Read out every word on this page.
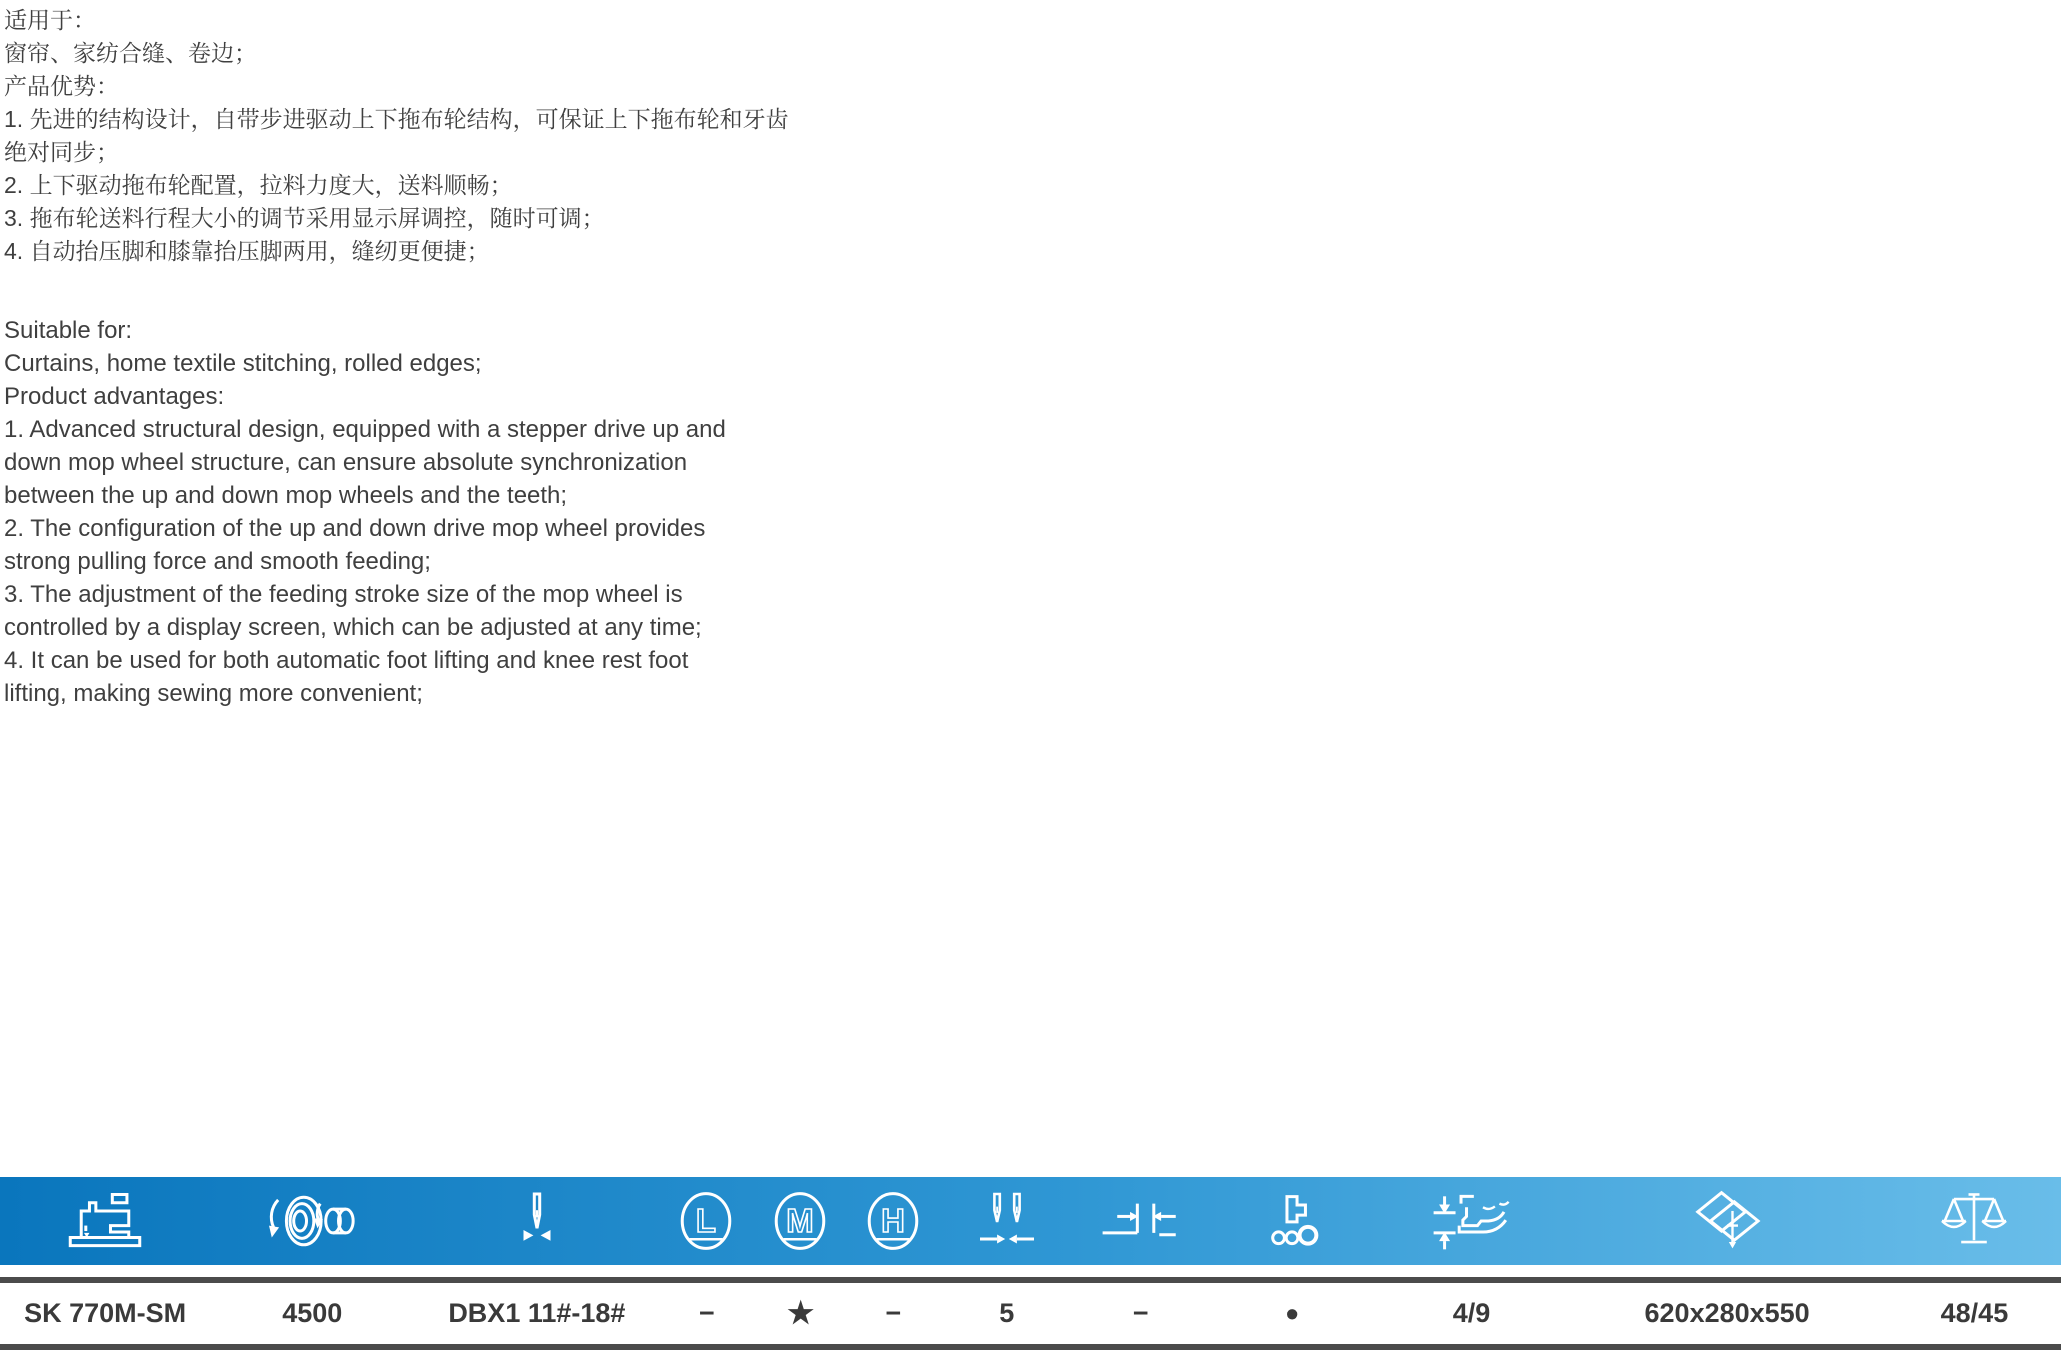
适用于：
窗帘、家纺合缝、卷边；
产品优势：
1. 先进的结构设计，自带步进驱动上下拖布轮结构，可保证上下拖布轮和牙齿
绝对同步；
2. 上下驱动拖布轮配置，拉料力度大，送料顺畅；
3. 拖布轮送料行程大小的调节采用显示屏调控，随时可调；
4. 自动抬压脚和膝靠抬压脚两用，缝纫更便捷；
Suitable for:
Curtains, home textile stitching, rolled edges;
Product advantages:
1. Advanced structural design, equipped with a stepper drive up and
down mop wheel structure, can ensure absolute synchronization
between the up and down mop wheels and the teeth;
2. The configuration of the up and down drive mop wheel provides
strong pulling force and smooth feeding;
3. The adjustment of the feeding stroke size of the mop wheel is
controlled by a display screen, which can be adjusted at any time;
4. It can be used for both automatic foot lifting and knee rest foot
lifting, making sewing more convenient;
L M H
SK 770M-SM	4500	DBX1 11#-18#	−	★	−	5	−	•	4/9	620x280x550	48/45
